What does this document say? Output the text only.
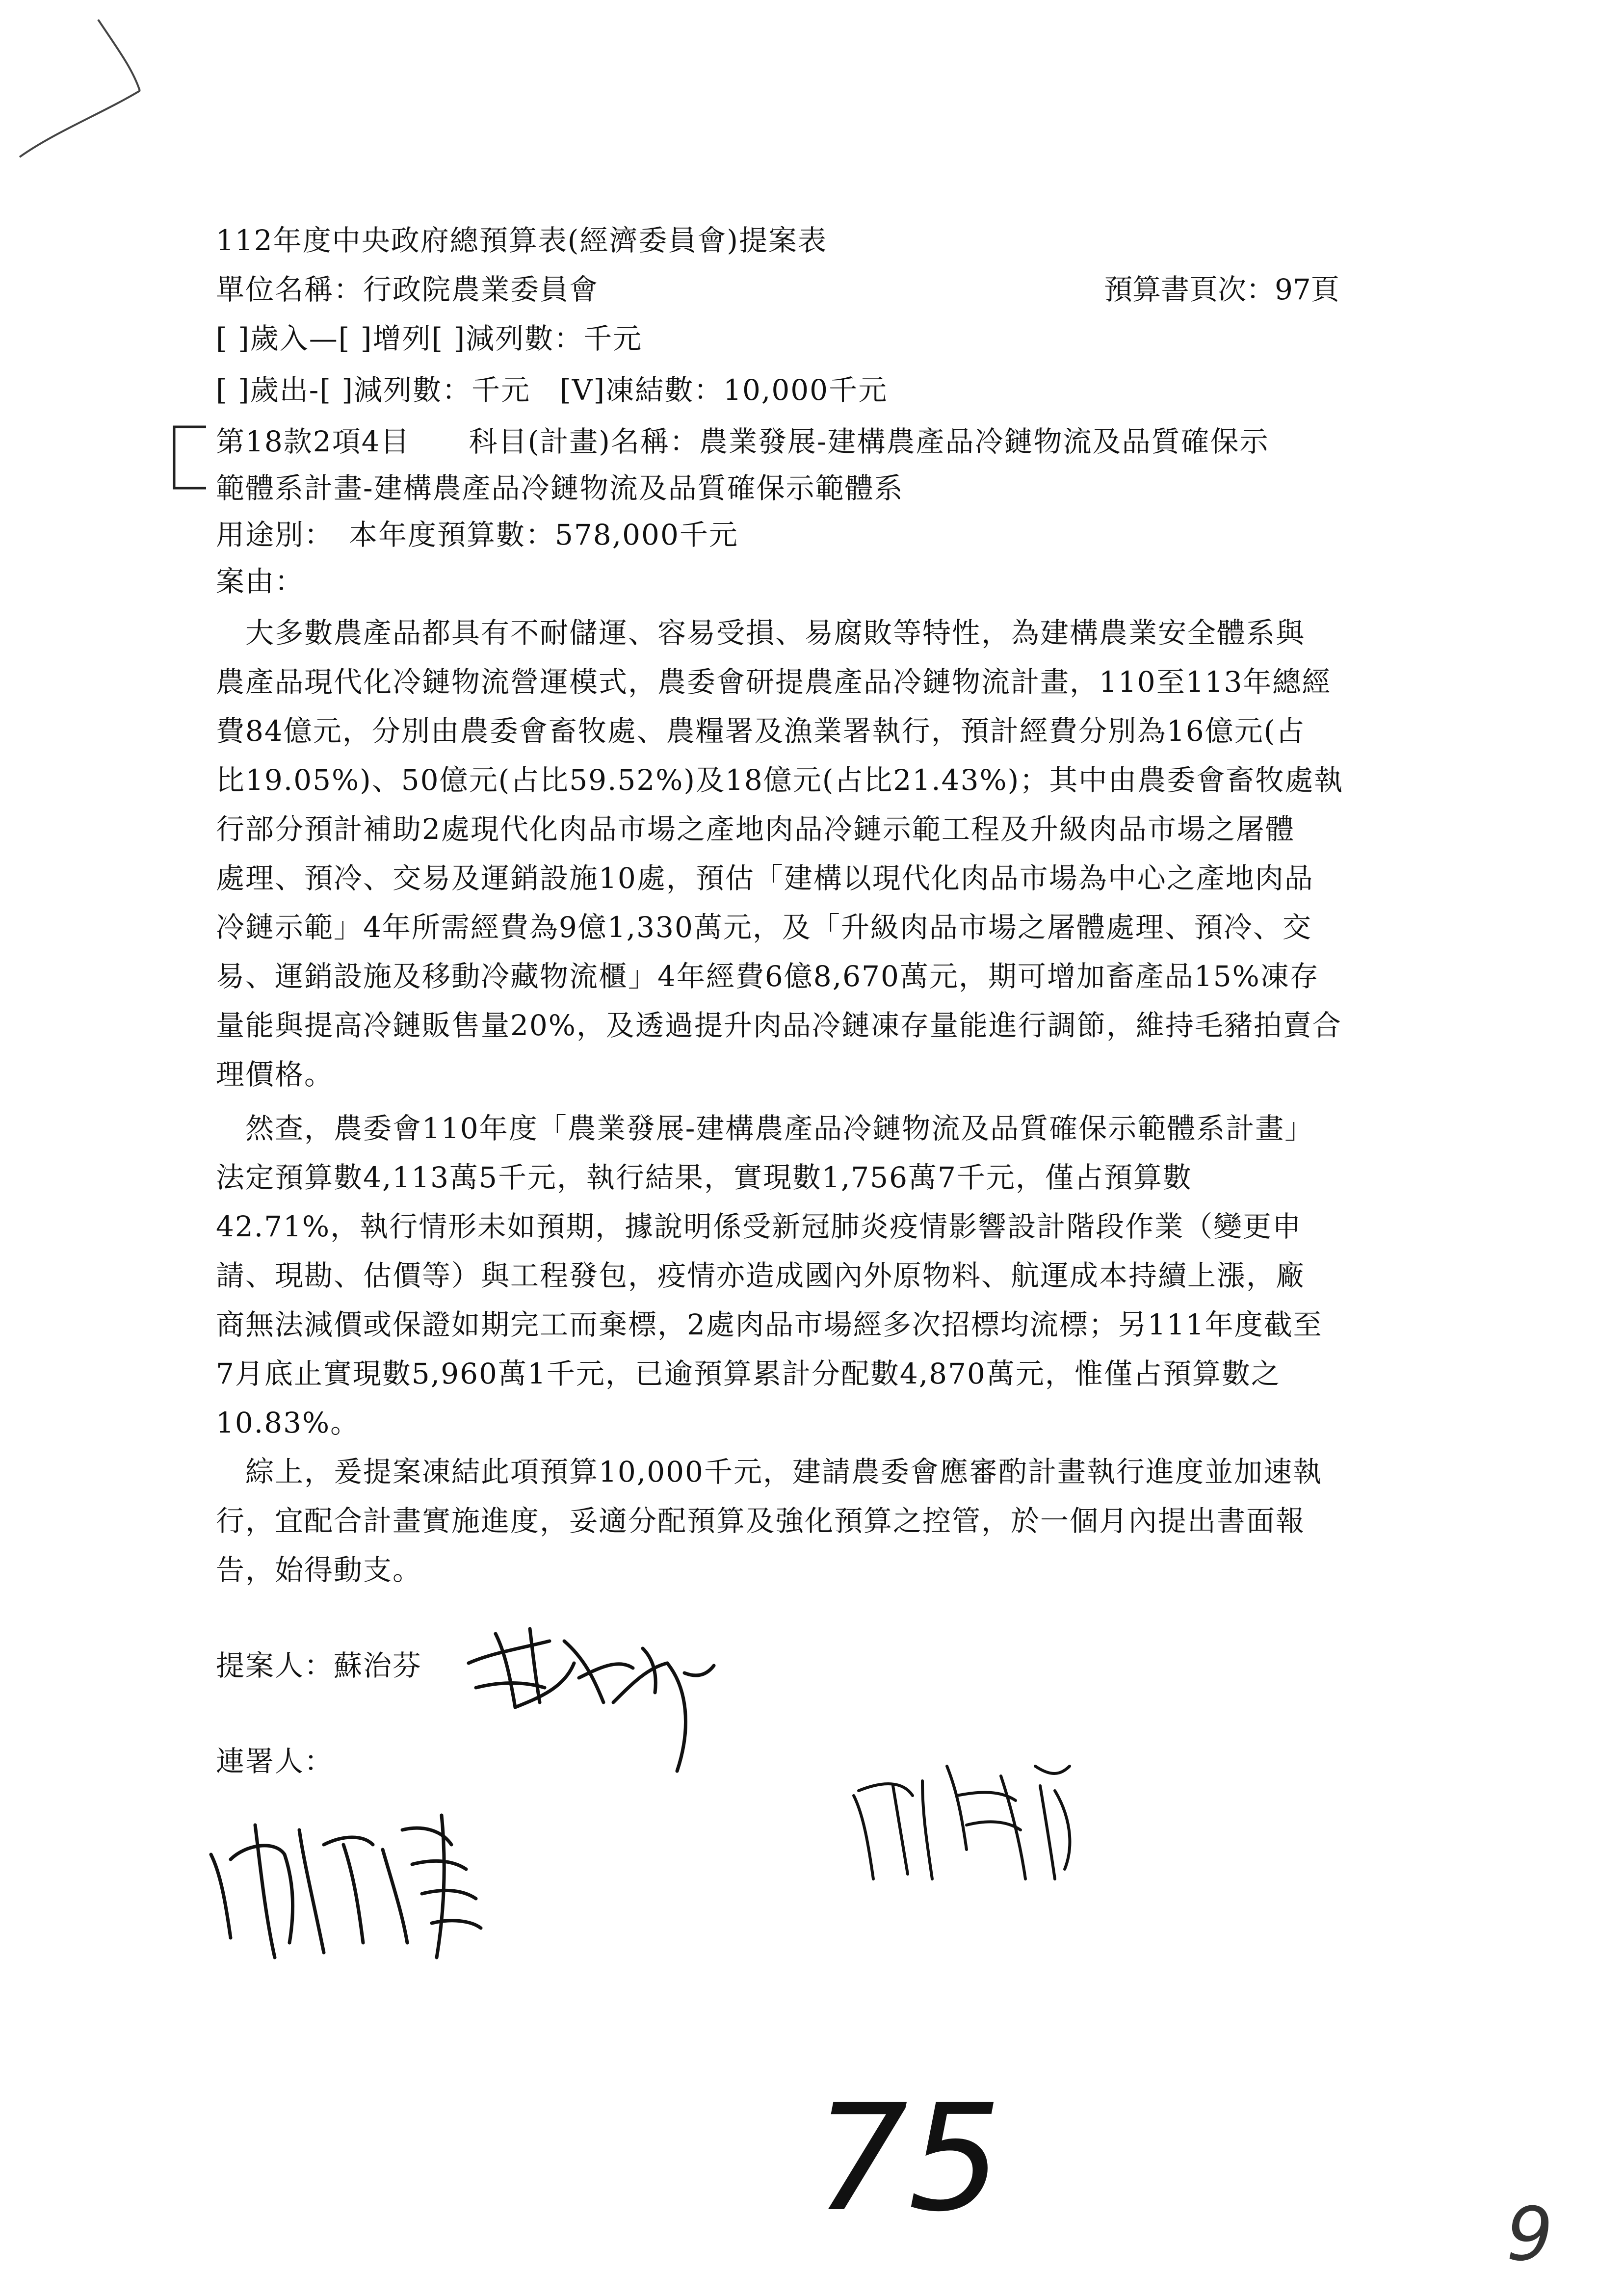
112年度中央政府總預算表(經濟委員會)提案表
單位名稱：行政院農業委員會	預算書頁次：97頁
[ ]歲入—[ ]增列[ ]減列數：千元
[ ]歲出-[ ]減列數：千元　[V]凍結數：10,000千元
第18款2項4目　　科目(計畫)名稱：農業發展-建構農產品冷鏈物流及品質確保示
範體系計畫-建構農產品冷鏈物流及品質確保示範體系
用途別：　本年度預算數：578,000千元
案由：
　大多數農產品都具有不耐儲運、容易受損、易腐敗等特性，為建構農業安全體系與
農產品現代化冷鏈物流營運模式，農委會研提農產品冷鏈物流計畫，110至113年總經
費84億元，分別由農委會畜牧處、農糧署及漁業署執行，預計經費分別為16億元(占
比19.05%)、50億元(占比59.52%)及18億元(占比21.43%)；其中由農委會畜牧處執
行部分預計補助2處現代化肉品市場之產地肉品冷鏈示範工程及升級肉品市場之屠體
處理、預冷、交易及運銷設施10處，預估「建構以現代化肉品市場為中心之產地肉品
冷鏈示範」4年所需經費為9億1,330萬元，及「升級肉品市場之屠體處理、預冷、交
易、運銷設施及移動冷藏物流櫃」4年經費6億8,670萬元，期可增加畜產品15%凍存
量能與提高冷鏈販售量20%，及透過提升肉品冷鏈凍存量能進行調節，維持毛豬拍賣合
理價格。
　然查，農委會110年度「農業發展-建構農產品冷鏈物流及品質確保示範體系計畫」
法定預算數4,113萬5千元，執行結果，實現數1,756萬7千元，僅占預算數
42.71%，執行情形未如預期，據說明係受新冠肺炎疫情影響設計階段作業（變更申
請、現勘、估價等）與工程發包，疫情亦造成國內外原物料、航運成本持續上漲，廠
商無法減價或保證如期完工而棄標，2處肉品市場經多次招標均流標；另111年度截至
7月底止實現數5,960萬1千元，已逾預算累計分配數4,870萬元，惟僅占預算數之
10.83%。
　綜上，爰提案凍結此項預算10,000千元，建請農委會應審酌計畫執行進度並加速執
行，宜配合計畫實施進度，妥適分配預算及強化預算之控管，於一個月內提出書面報
告，始得動支。
提案人：蘇治芬
連署人：
75	9
